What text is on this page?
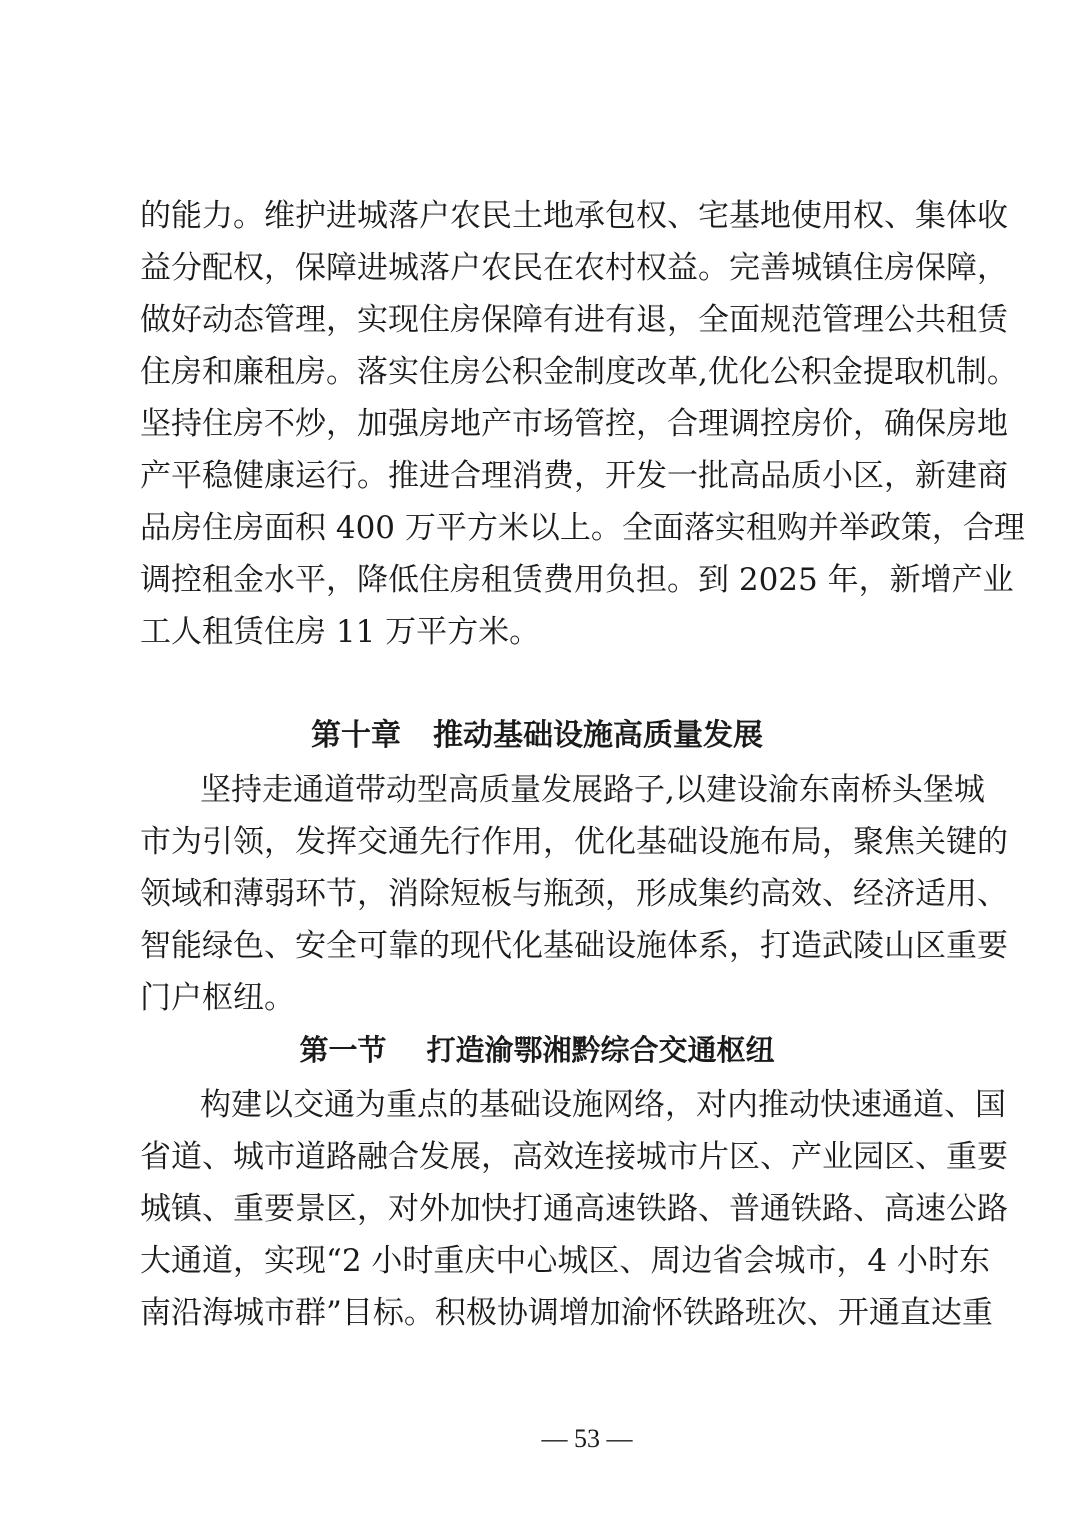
的能力。维护进城落户农民土地承包权、宅基地使用权、集体收
益分配权，保障进城落户农民在农村权益。完善城镇住房保障，
做好动态管理，实现住房保障有进有退，全面规范管理公共租赁
住房和廉租房。落实住房公积金制度改革,优化公积金提取机制。
坚持住房不炒，加强房地产市场管控，合理调控房价，确保房地
产平稳健康运行。推进合理消费，开发一批高品质小区，新建商
品房住房面积 400 万平方米以上。全面落实租购并举政策，合理
调控租金水平，降低住房租赁费用负担。到 2025 年，新增产业
工人租赁住房 11 万平方米。
第十章 推动基础设施高质量发展
坚持走通道带动型高质量发展路子,以建设渝东南桥头堡城
市为引领，发挥交通先行作用，优化基础设施布局，聚焦关键的
领域和薄弱环节，消除短板与瓶颈，形成集约高效、经济适用、
智能绿色、安全可靠的现代化基础设施体系，打造武陵山区重要
门户枢纽。
第一节 打造渝鄂湘黔综合交通枢纽
构建以交通为重点的基础设施网络，对内推动快速通道、国
省道、城市道路融合发展，高效连接城市片区、产业园区、重要
城镇、重要景区，对外加快打通高速铁路、普通铁路、高速公路
大通道，实现“2 小时重庆中心城区、周边省会城市，4 小时东
南沿海城市群”目标。积极协调增加渝怀铁路班次、开通直达重
— 53 —
